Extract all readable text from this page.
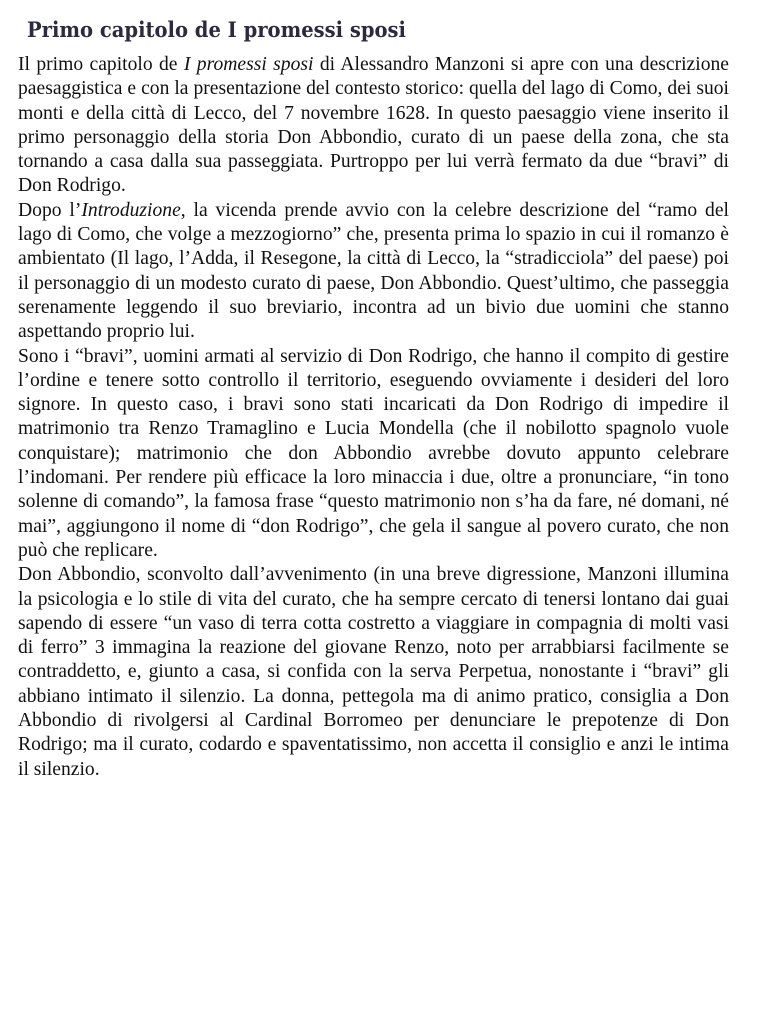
Primo capitolo de I promessi sposi

Il primo capitolo de I promessi sposi di Alessandro Manzoni si apre con una descrizione paesaggistica e con la presentazione del contesto storico: quella del lago di Como, dei suoi monti e della città di Lecco, del 7 novembre 1628. In questo paesaggio viene inserito il primo personaggio della storia Don Abbondio, curato di un paese della zona, che sta tornando a casa dalla sua passeggiata. Purtroppo per lui verrà fermato da due “bravi” di Don Rodrigo.

Dopo l’Introduzione, la vicenda prende avvio con la celebre descrizione del “ramo del lago di Como, che volge a mezzogiorno” che, presenta prima lo spazio in cui il romanzo è ambientato (Il lago, l’Adda, il Resegone, la città di Lecco, la “stradicciola” del paese) poi il personaggio di un modesto curato di paese, Don Abbondio. Quest’ultimo, che passeggia serenamente leggendo il suo breviario, incontra ad un bivio due uomini che stanno aspettando proprio lui.

Sono i “bravi”, uomini armati al servizio di Don Rodrigo, che hanno il compito di gestire l’ordine e tenere sotto controllo il territorio, eseguendo ovviamente i desideri del loro signore. In questo caso, i bravi sono stati incaricati da Don Rodrigo di impedire il matrimonio tra Renzo Tramaglino e Lucia Mondella (che il nobilotto spagnolo vuole conquistare); matrimonio che don Abbondio avrebbe dovuto appunto celebrare l’indomani. Per rendere più efficace la loro minaccia i due, oltre a pronunciare, “in tono solenne di comando”, la famosa frase “questo matrimonio non s’ha da fare, né domani, né mai”, aggiungono il nome di “don Rodrigo”, che gela il sangue al povero curato, che non può che replicare.

Don Abbondio, sconvolto dall’avvenimento (in una breve digressione, Manzoni illumina la psicologia e lo stile di vita del curato, che ha sempre cercato di tenersi lontano dai guai sapendo di essere “un vaso di terra cotta costretto a viaggiare in compagnia di molti vasi di ferro” 3 immagina la reazione del giovane Renzo, noto per arrabbiarsi facilmente se contraddetto, e, giunto a casa, si confida con la serva Perpetua, nonostante i “bravi” gli abbiano intimato il silenzio. La donna, pettegola ma di animo pratico, consiglia a Don Abbondio di rivolgersi al Cardinal Borromeo per denunciare le prepotenze di Don Rodrigo; ma il curato, codardo e spaventatissimo, non accetta il consiglio e anzi le intima il silenzio.
